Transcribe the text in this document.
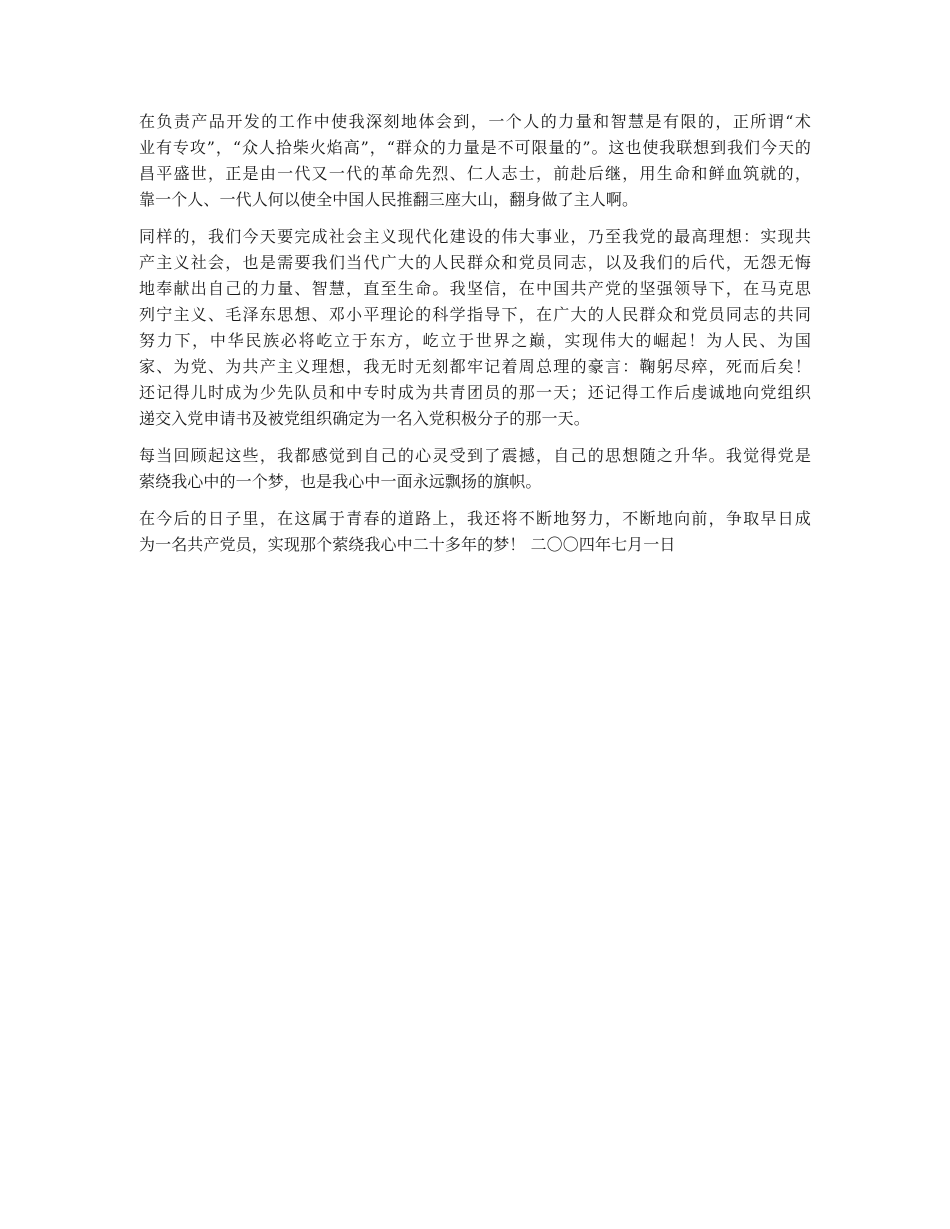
在负责产品开发的工作中使我深刻地体会到，一个人的力量和智慧是有限的，正所谓“术
业有专攻”，“众人拾柴火焰高”，“群众的力量是不可限量的”。这也使我联想到我们今天的
昌平盛世，正是由一代又一代的革命先烈、仁人志士，前赴后继，用生命和鲜血筑就的，
靠一个人、一代人何以使全中国人民推翻三座大山，翻身做了主人啊。

同样的，我们今天要完成社会主义现代化建设的伟大事业，乃至我党的最高理想：实现共
产主义社会，也是需要我们当代广大的人民群众和党员同志，以及我们的后代，无怨无悔
地奉献出自己的力量、智慧，直至生命。我坚信，在中国共产党的坚强领导下，在马克思
列宁主义、毛泽东思想、邓小平理论的科学指导下，在广大的人民群众和党员同志的共同
努力下，中华民族必将屹立于东方，屹立于世界之巅，实现伟大的崛起！为人民、为国
家、为党、为共产主义理想，我无时无刻都牢记着周总理的豪言：鞠躬尽瘁，死而后矣！
还记得儿时成为少先队员和中专时成为共青团员的那一天；还记得工作后虔诚地向党组织
递交入党申请书及被党组织确定为一名入党积极分子的那一天。

每当回顾起这些，我都感觉到自己的心灵受到了震撼，自己的思想随之升华。我觉得党是
萦绕我心中的一个梦，也是我心中一面永远飘扬的旗帜。

在今后的日子里，在这属于青春的道路上，我还将不断地努力，不断地向前，争取早日成
为一名共产党员，实现那个萦绕我心中二十多年的梦！ 二〇〇四年七月一日
